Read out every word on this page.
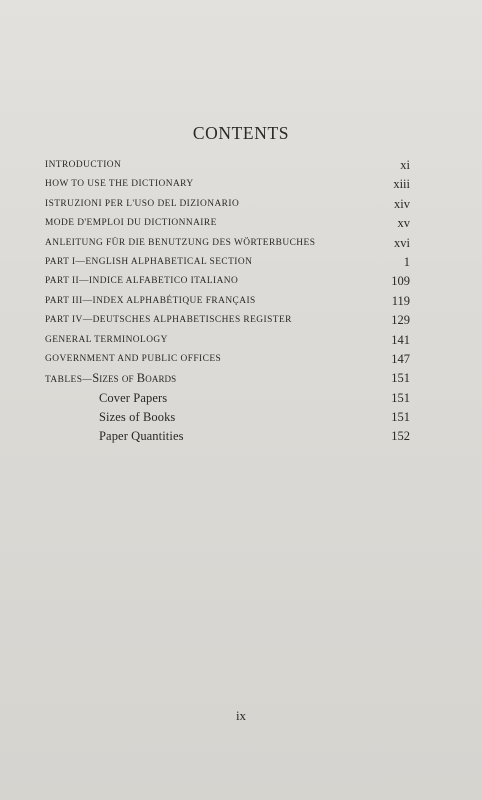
CONTENTS
INTRODUCTION	xi
HOW TO USE THE DICTIONARY	xiii
ISTRUZIONI PER L'USO DEL DIZIONARIO	xiv
MODE D'EMPLOI DU DICTIONNAIRE	xv
ANLEITUNG FÜR DIE BENUTZUNG DES WÖRTERBUCHES	xvi
PART I—ENGLISH ALPHABETICAL SECTION	1
PART II—INDICE ALFABETICO ITALIANO	109
PART III—INDEX ALPHABÉTIQUE FRANÇAIS	119
PART IV—DEUTSCHES ALPHABETISCHES REGISTER	129
GENERAL TERMINOLOGY	141
GOVERNMENT AND PUBLIC OFFICES	147
TABLES—Sizes of Boards	151
Cover Papers	151
Sizes of Books	151
Paper Quantities	152
ix
